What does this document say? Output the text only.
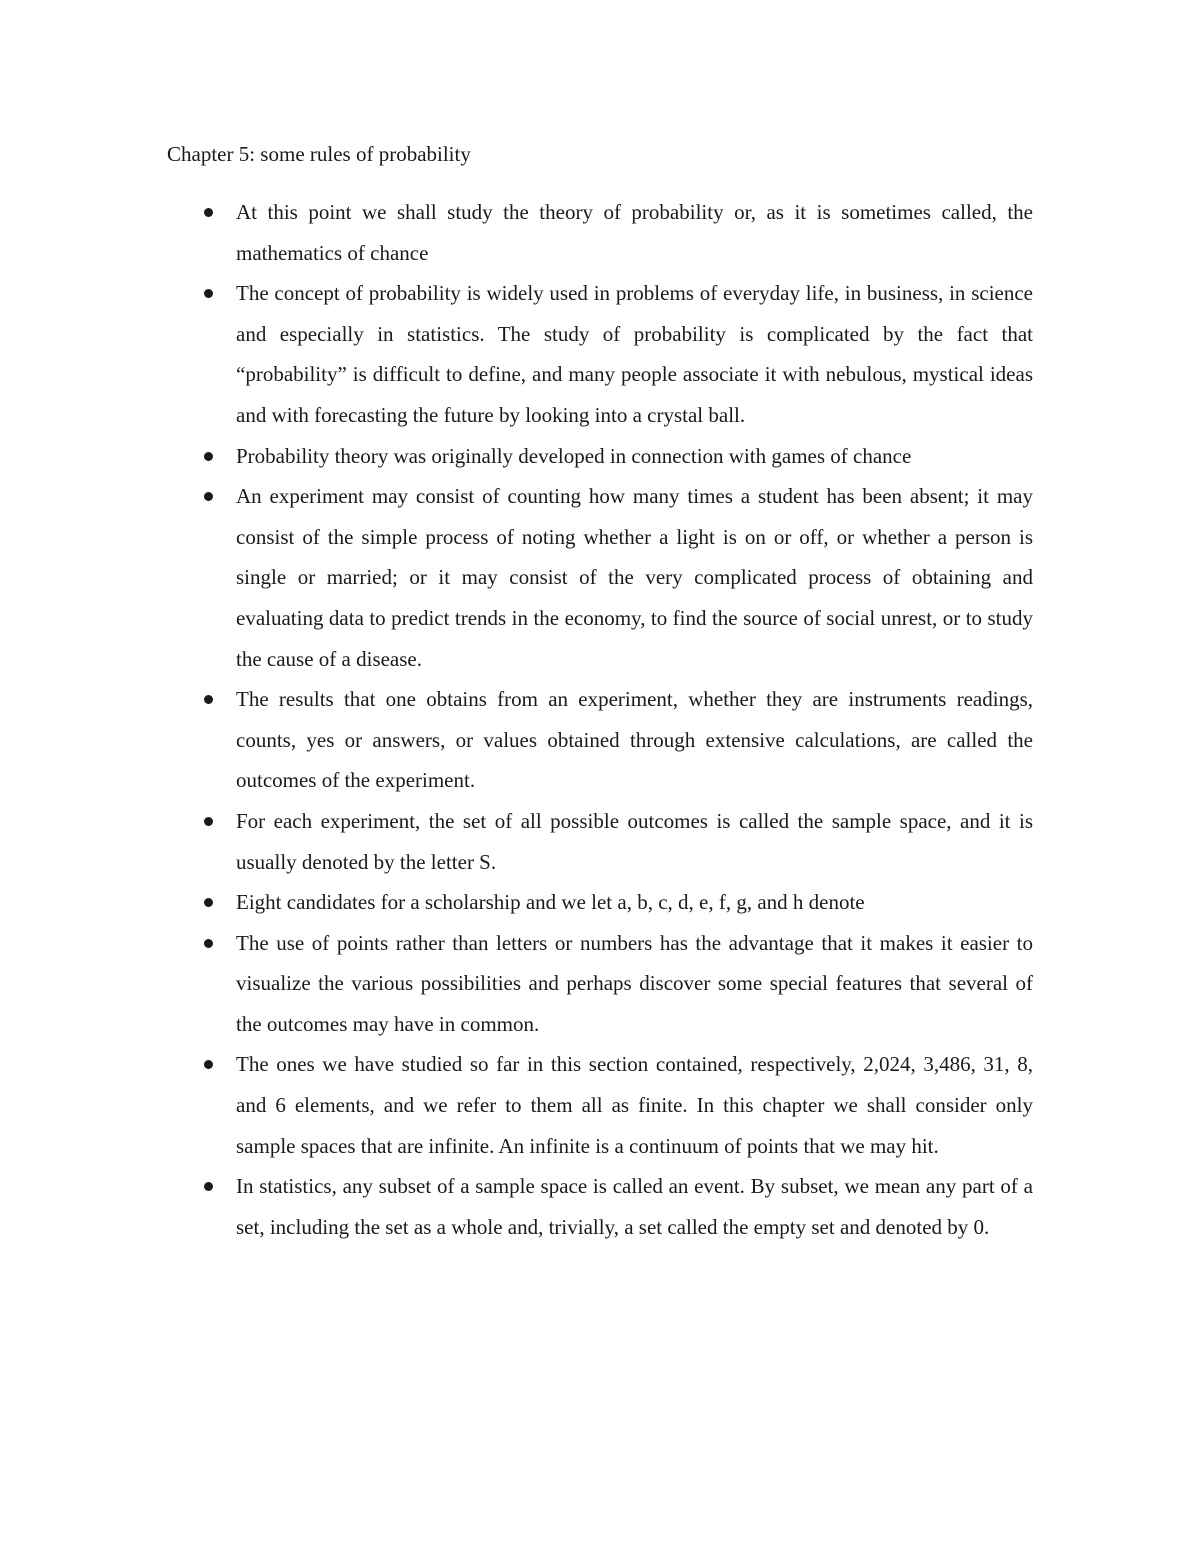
Chapter 5: some rules of probability
At this point we shall study the theory of probability or, as it is sometimes called, the mathematics of chance
The concept of probability is widely used in problems of everyday life, in business, in science and especially in statistics. The study of probability is complicated by the fact that “probability” is difficult to define, and many people associate it with nebulous, mystical ideas and with forecasting the future by looking into a crystal ball.
Probability theory was originally developed in connection with games of chance
An experiment may consist of counting how many times a student has been absent; it may consist of the simple process of noting whether a light is on or off, or whether a person is single or married; or it may consist of the very complicated process of obtaining and evaluating data to predict trends in the economy, to find the source of social unrest, or to study the cause of a disease.
The results that one obtains from an experiment, whether they are instruments readings, counts, yes or answers, or values obtained through extensive calculations, are called the outcomes of the experiment.
For each experiment, the set of all possible outcomes is called the sample space, and it is usually denoted by the letter S.
Eight candidates for a scholarship and we let a, b, c, d, e, f, g, and h denote
The use of points rather than letters or numbers has the advantage that it makes it easier to visualize the various possibilities and perhaps discover some special features that several of the outcomes may have in common.
The ones we have studied so far in this section contained, respectively, 2,024, 3,486, 31, 8, and 6 elements, and we refer to them all as finite. In this chapter we shall consider only sample spaces that are infinite. An infinite is a continuum of points that we may hit.
In statistics, any subset of a sample space is called an event. By subset, we mean any part of a set, including the set as a whole and, trivially, a set called the empty set and denoted by 0.
